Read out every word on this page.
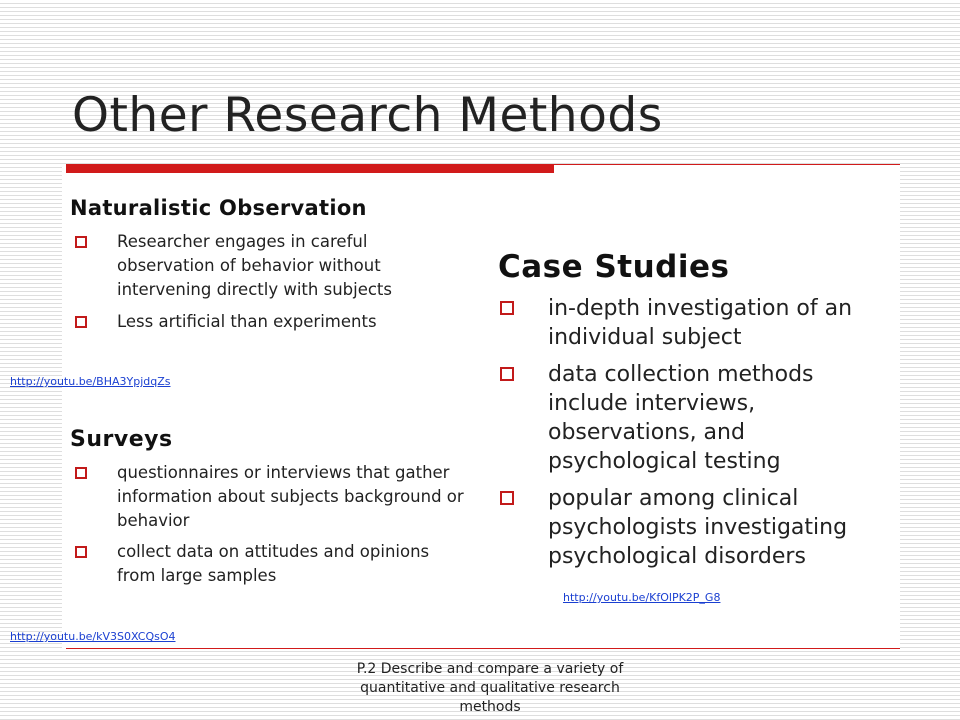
Other Research Methods

Naturalistic Observation

Researcher engages in careful observation of behavior without intervening directly with subjects
Less artificial than experiments
http://youtu.be/BHA3YpjdqZs

Surveys

questionnaires or interviews that gather information about subjects background or behavior
collect data on attitudes and opinions from large samples
http://youtu.be/kV3S0XCQsO4

Case Studies

in-depth investigation of an individual subject
data collection methods include interviews, observations, and psychological testing
popular among clinical psychologists investigating psychological disorders
http://youtu.be/KfOlPK2P_G8

P.2 Describe and compare a variety of quantitative and qualitative research methods
